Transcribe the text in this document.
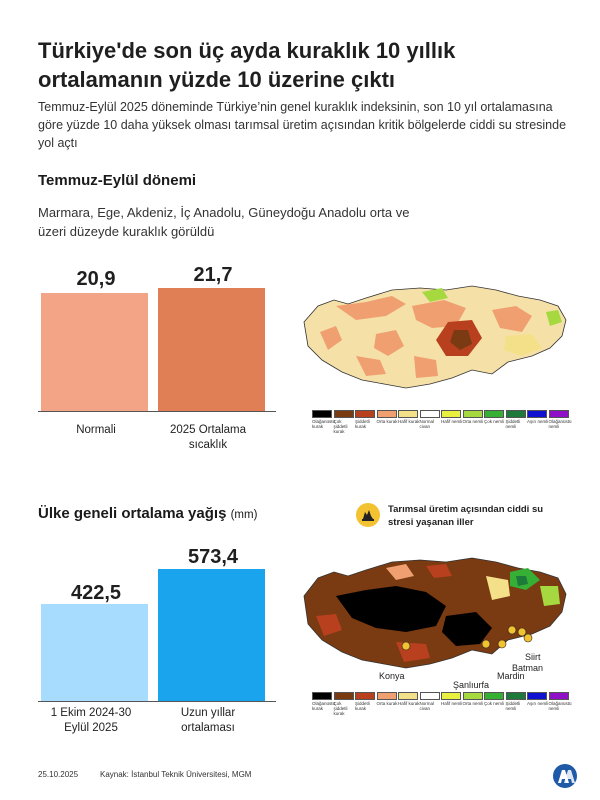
Türkiye'de son üç ayda kuraklık 10 yıllık ortalamanın yüzde 10 üzerine çıktı
Temmuz-Eylül 2025 döneminde Türkiye’nin genel kuraklık indeksinin, son 10 yıl ortalamasına göre yüzde 10 daha yüksek olması tarımsal üretim açısından kritik bölgelerde ciddi su stresinde yol açtı
Temmuz-Eylül dönemi
Marmara, Ege, Akdeniz, İç Anadolu, Güneydoğu Anadolu orta ve üzeri düzeyde kuraklık görüldü
20,9	21,7
Normali	2025 Ortalama sıcaklık
Olağanüstü kurak
Çok şiddetli kurak
Şiddetli kurak
Orta kurak Hafif kurak Normal civarı
Hafif nemli Orta nemli Çok nemli Şiddetli nemli
Aşırı nemli Olağanüstü nemli
Ülke geneli ortalama yağış (mm)	Tarımsal üretim açısından ciddi su stresi yaşanan iller
422,5
573,4
1 Ekim 2024-30 Eylül 2025
Uzun yıllar ortalaması
Siirt
Batman
Mardin
Konya
Şanlıurfa
Olağanüstü kurak
Çok şiddetli kurak
Şiddetli kurak
Orta kurak Hafif kurak Normal civarı
Hafif nemli Orta nemli Çok nemli Şiddetli nemli
Aşırı nemli Olağanüstü nemli
25.10.2025	Kaynak: İstanbul Teknik Üniversitesi, MGM
